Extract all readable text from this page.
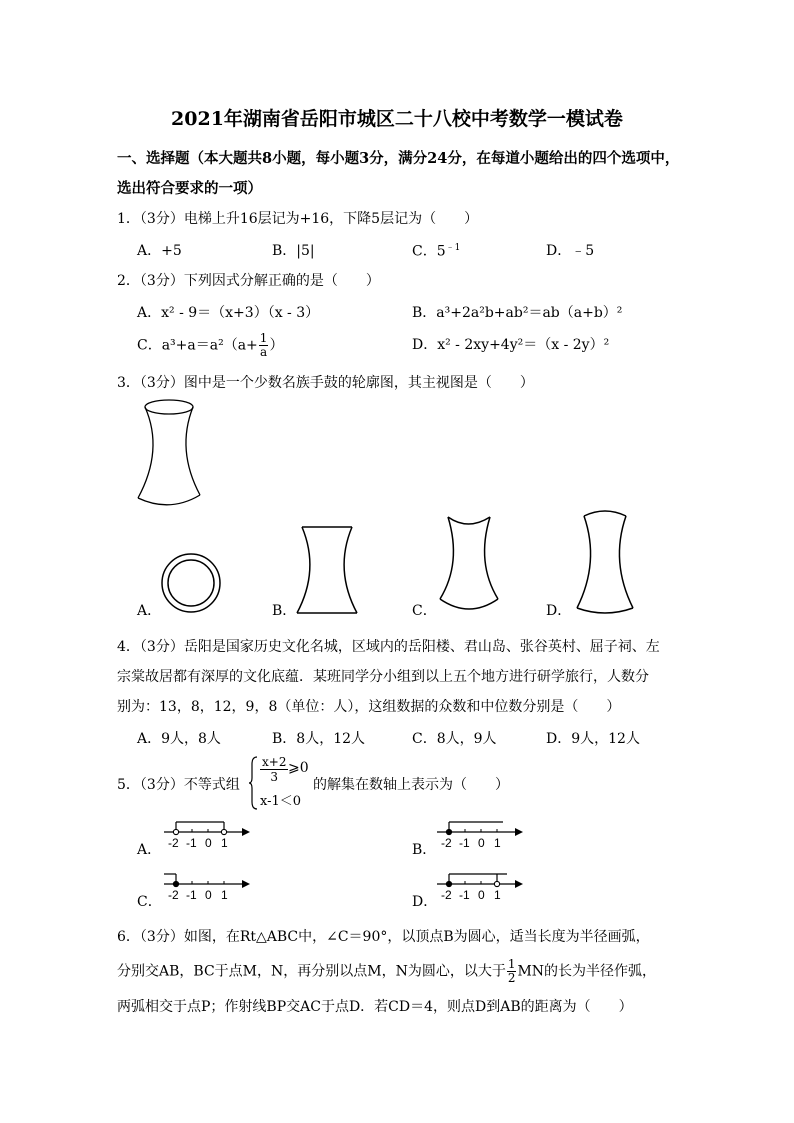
2021年湖南省岳阳市城区二十八校中考数学一模试卷
一、选择题（本大题共8小题，每小题3分，满分24分，在每道小题给出的四个选项中，
选出符合要求的一项）
1．（3分）电梯上升16层记为+16，下降5层记为（　　）
A．+5	B．|5|	C．$5^{﹣1}$	D．﹣5
2．（3分）下列因式分解正确的是（　　）
A．x² - 9＝（x+3）（x - 3）	B．a³+2a²b+ab²＝ab（a+b）²
C．$a^3+a=a^2(a+ \frac{1}{a}$ ）	D．x² - 2xy+4y²＝（x - 2y）²
3．（3分）图中是一个少数名族手鼓的轮廓图，其主视图是（　　）
A．	B．	C．	D．
4．（3分）岳阳是国家历史文化名城，区域内的岳阳楼、君山岛、张谷英村、屈子祠、左
宗棠故居都有深厚的文化底蕴．某班同学分小组到以上五个地方进行研学旅行，人数分
别为：13，8，12，9，8（单位：人），这组数据的众数和中位数分别是（　　）
A．9人，8人	B．8人，12人	C．8人，9人	D．9人，12人
5．（3分）不等式组
$\frac{x+2}{3}$ ⩾0
x-1＜0
的解集在数轴上表示为（　　）
A．	B．
C．	D．
-2 -1 0 1	-2 -1 0 1
-2 -1 0 1	-2 -1 0 1
6．（3分）如图，在Rt△ABC中，∠C＝90°，以顶点B为圆心，适当长度为半径画弧，
分别交AB，BC于点M，N，再分别以点M，N为圆心，以大于 $\frac{1}{2}$ MN的长为半径作弧，
两弧相交于点P；作射线BP交AC于点D．若CD＝4，则点D到AB的距离为（　　）
